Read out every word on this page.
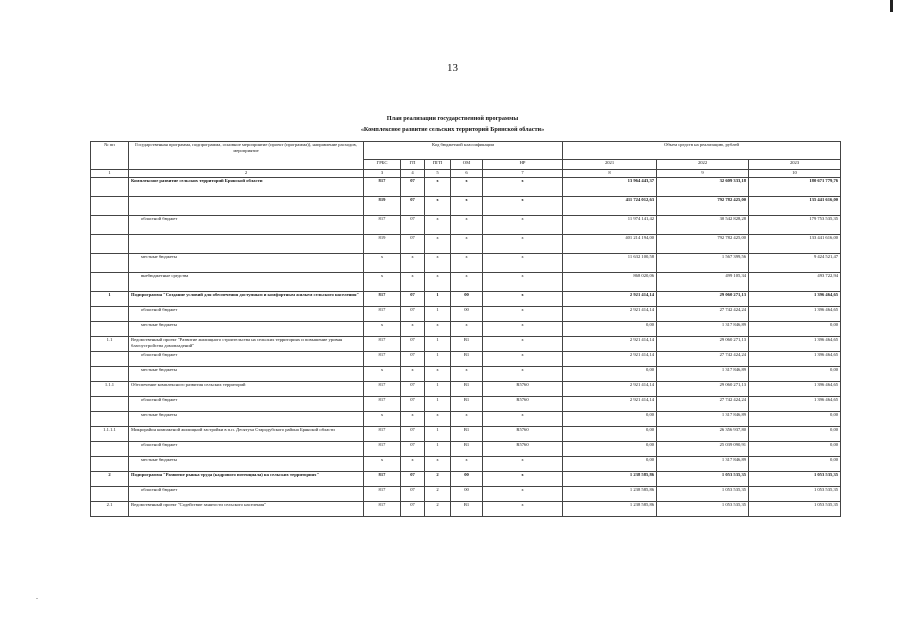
13
План реализации государственной программы
«Комплексное развитие сельских территорий Брянской области»
№ пп	Государственная программа, подпрограмма, основное мероприятие (проект (программа)), направление расходов, мероприятие	Код бюджетной классификации					Объем средств на реализацию, рублей		
		ГРБС	ГП	ПГП	ОМ	НР	2021	2022	2023
1	2	3	4	5	6	7	8	9	10
	Комплексное развитие сельских территорий Брянской области	817	07	x	x	x	13 964 443,37	32 609 333,18	180 671 779,76
		819	07	x	x	x	411 724 012,63	792 782 425,00	135 441 616,00
	областной бюджет	817	07	x	x	x	11 974 141,42	30 542 828,28	179 753 535,35
		819	07	x	x	x	401 214 194,00	792 782 425,00	133 441 616,00
	местные бюджеты	x	x	x	x	x	11 632 100,58	1 567 399,56	9 424 521,47
	внебюджетные средства	x	x	x	x	x	868 020,06	499 105,34	493 722,94
1	Подпрограмма "Создание условий для обеспечения доступным и комфортным жильем сельского населения"	817	07	1	00	x	2 921 414,14	29 060 271,13	1 396 464,65
	областной бюджет	817	07	1	00	x	2 921 414,14	27 742 424,24	1 396 464,65
	местные бюджеты	x	x	x	x	x	0,00	1 317 846,89	0,00
1.1	Ведомственный проект "Развитие жилищного строительства на сельских территориях и повышение уровня благоустройства домовладений"	817	07	1	B1	x	2 921 414,14	29 060 271,13	1 396 464,65
	областной бюджет	817	07	1	B1	x	2 921 414,14	27 742 424,24	1 396 464,65
	местные бюджеты	x	x	x	x	x	0,00	1 317 846,89	0,00
1.1.1	Обеспечение комплексного развития сельских территорий	817	07	1	B1	R5760	2 921 414,14	29 060 271,13	1 396 464,65
	областной бюджет	817	07	1	B1	R5760	2 921 414,14	27 742 424,24	1 396 464,65
	местные бюджеты	x	x	x	x	x	0,00	1 317 846,89	0,00
1.1.1.1	Микрорайон компактной жилищной застройки в п.п. Десятуха Стародубского района Брянской области	817	07	1	B1	R5760	0,00	26 356 937,80	0,00
	областной бюджет	817	07	1	B1	R5760	0,00	25 039 090,91	0,00
	местные бюджеты	x	x	x	x	x	0,00	1 317 846,89	0,00
2	Подпрограмма "Развитие рынка труда (кадрового потенциала) на сельских территориях"	817	07	2	00	x	1 238 585,86	1 053 535,35	1 053 535,35
	областной бюджет	817	07	2	00	x	1 238 585,86	1 053 535,35	1 053 535,35
2.1	Ведомственный проект "Содействие занятости сельского населения"	817	07	2	B1	x	1 238 585,86	1 053 535,35	1 053 535,35
